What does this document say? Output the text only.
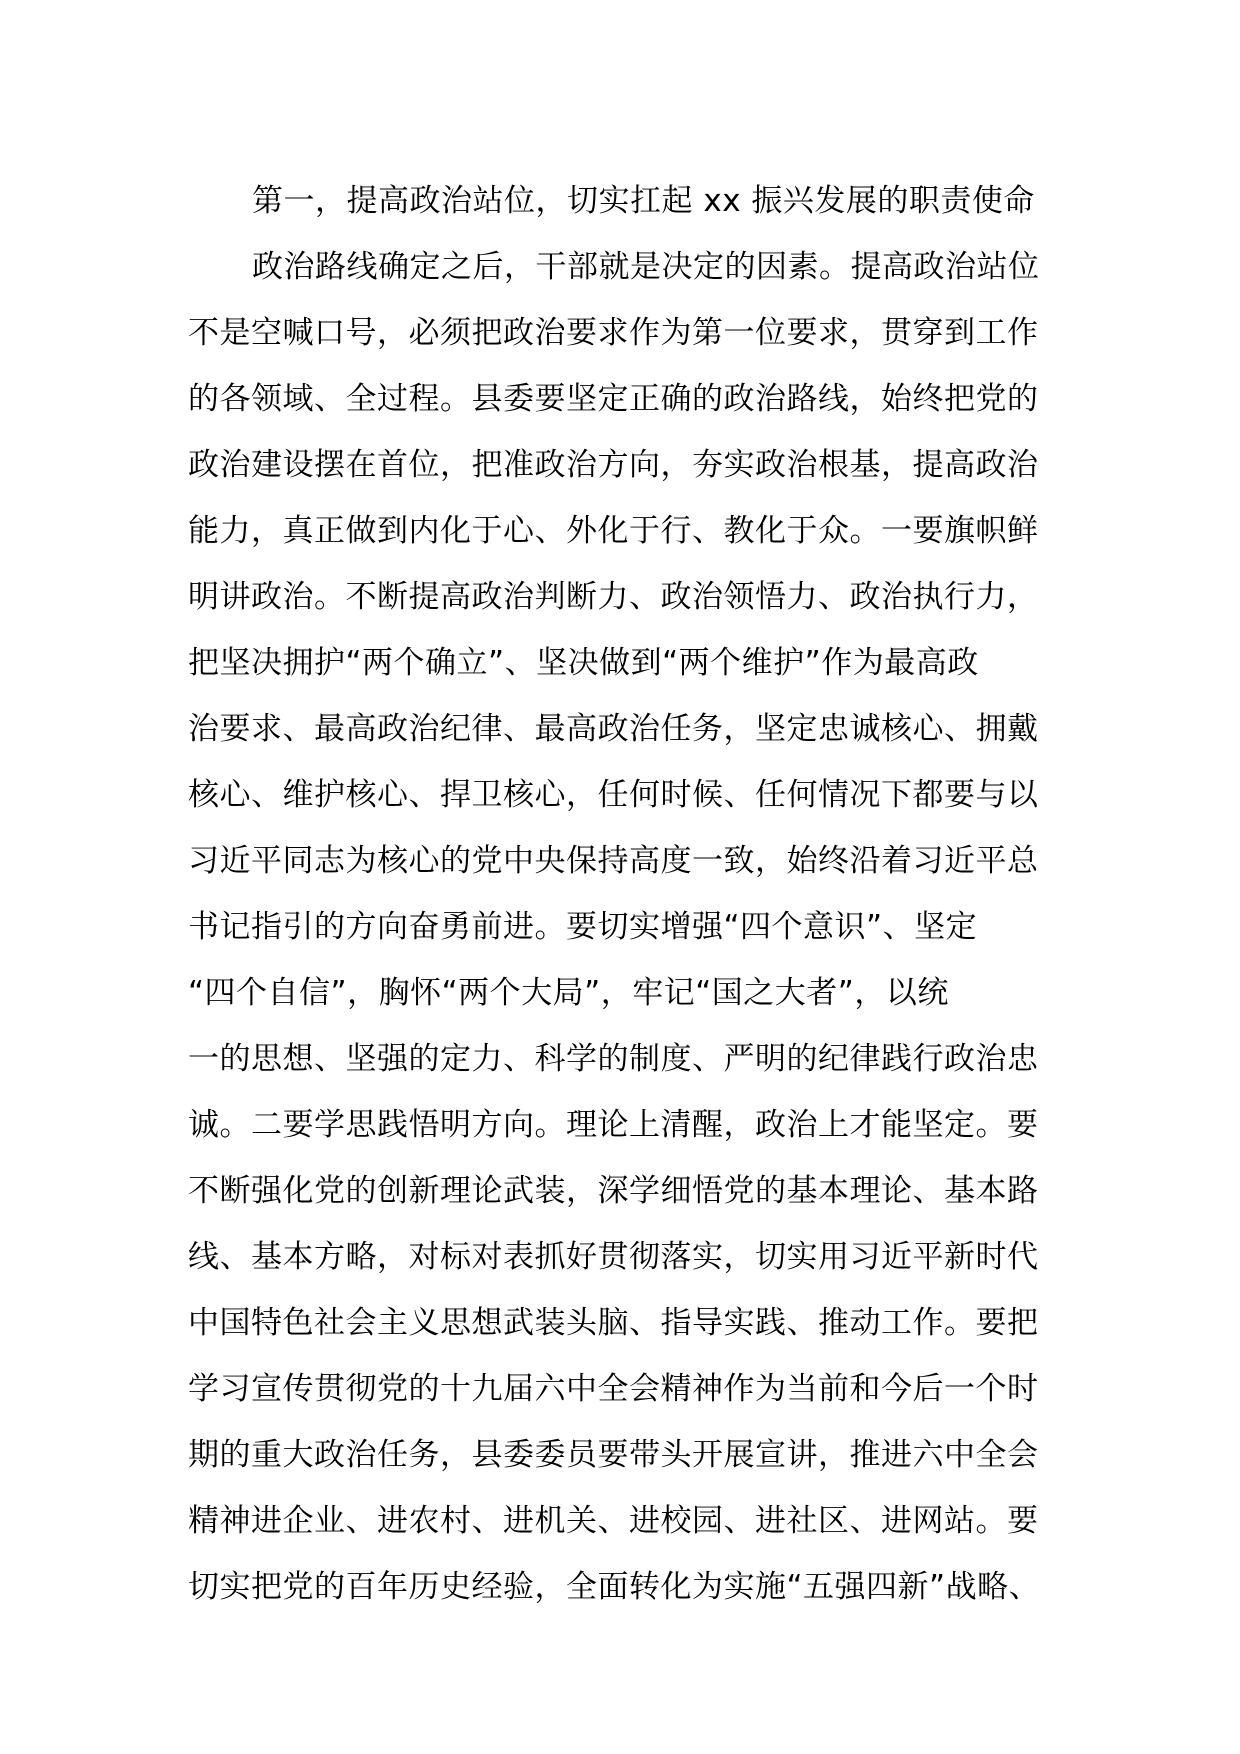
第一，提高政治站位，切实扛起 xx 振兴发展的职责使命
政治路线确定之后，干部就是决定的因素。提高政治站位
不是空喊口号，必须把政治要求作为第一位要求，贯穿到工作
的各领域、全过程。县委要坚定正确的政治路线，始终把党的
政治建设摆在首位，把准政治方向，夯实政治根基，提高政治
能力，真正做到内化于心、外化于行、教化于众。一要旗帜鲜
明讲政治。不断提高政治判断力、政治领悟力、政治执行力，
把坚决拥护“两个确立”、坚决做到“两个维护”作为最高政
治要求、最高政治纪律、最高政治任务，坚定忠诚核心、拥戴
核心、维护核心、捍卫核心，任何时候、任何情况下都要与以
习近平同志为核心的党中央保持高度一致，始终沿着习近平总
书记指引的方向奋勇前进。要切实增强“四个意识”、坚定
“四个自信”，胸怀“两个大局”，牢记“国之大者”，以统
一的思想、坚强的定力、科学的制度、严明的纪律践行政治忠
诚。二要学思践悟明方向。理论上清醒，政治上才能坚定。要
不断强化党的创新理论武装，深学细悟党的基本理论、基本路
线、基本方略，对标对表抓好贯彻落实，切实用习近平新时代
中国特色社会主义思想武装头脑、指导实践、推动工作。要把
学习宣传贯彻党的十九届六中全会精神作为当前和今后一个时
期的重大政治任务，县委委员要带头开展宣讲，推进六中全会
精神进企业、进农村、进机关、进校园、进社区、进网站。要
切实把党的百年历史经验，全面转化为实施“五强四新”战略、
